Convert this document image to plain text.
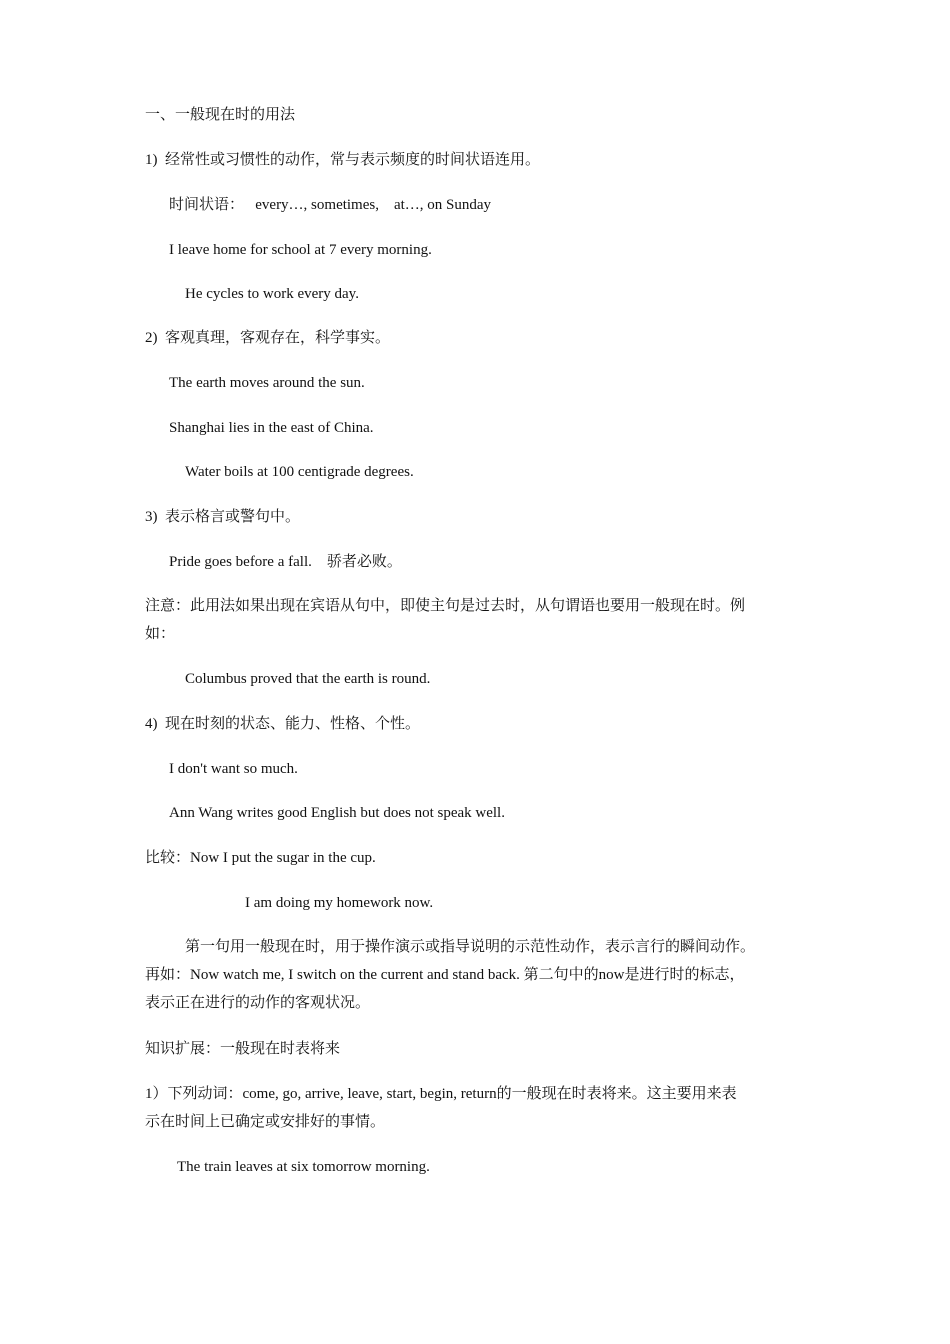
一、一般现在时的用法
1)  经常性或习惯性的动作，常与表示频度的时间状语连用。
时间状语：   every…, sometimes,    at…, on Sunday
I leave home for school at 7 every morning.
He cycles to work every day.
2)  客观真理，客观存在，科学事实。
The earth moves around the sun.
Shanghai lies in the east of China.
Water boils at 100 centigrade degrees.
3)  表示格言或警句中。
Pride goes before a fall.    骄者必败。
注意：此用法如果出现在宾语从句中，即使主句是过去时，从句谓语也要用一般现在时。例
如：
Columbus proved that the earth is round.
4)  现在时刻的状态、能力、性格、个性。
I don't want so much.
Ann Wang writes good English but does not speak well.
比较：Now I put the sugar in the cup.
I am doing my homework now.
第一句用一般现在时，用于操作演示或指导说明的示范性动作，表示言行的瞬间动作。
再如：Now watch me, I switch on the current and stand back. 第二句中的now是进行时的标志，
表示正在进行的动作的客观状况。
知识扩展：一般现在时表将来
1）下列动词：come, go, arrive, leave, start, begin, return的一般现在时表将来。这主要用来表
示在时间上已确定或安排好的事情。
The train leaves at six tomorrow morning.
